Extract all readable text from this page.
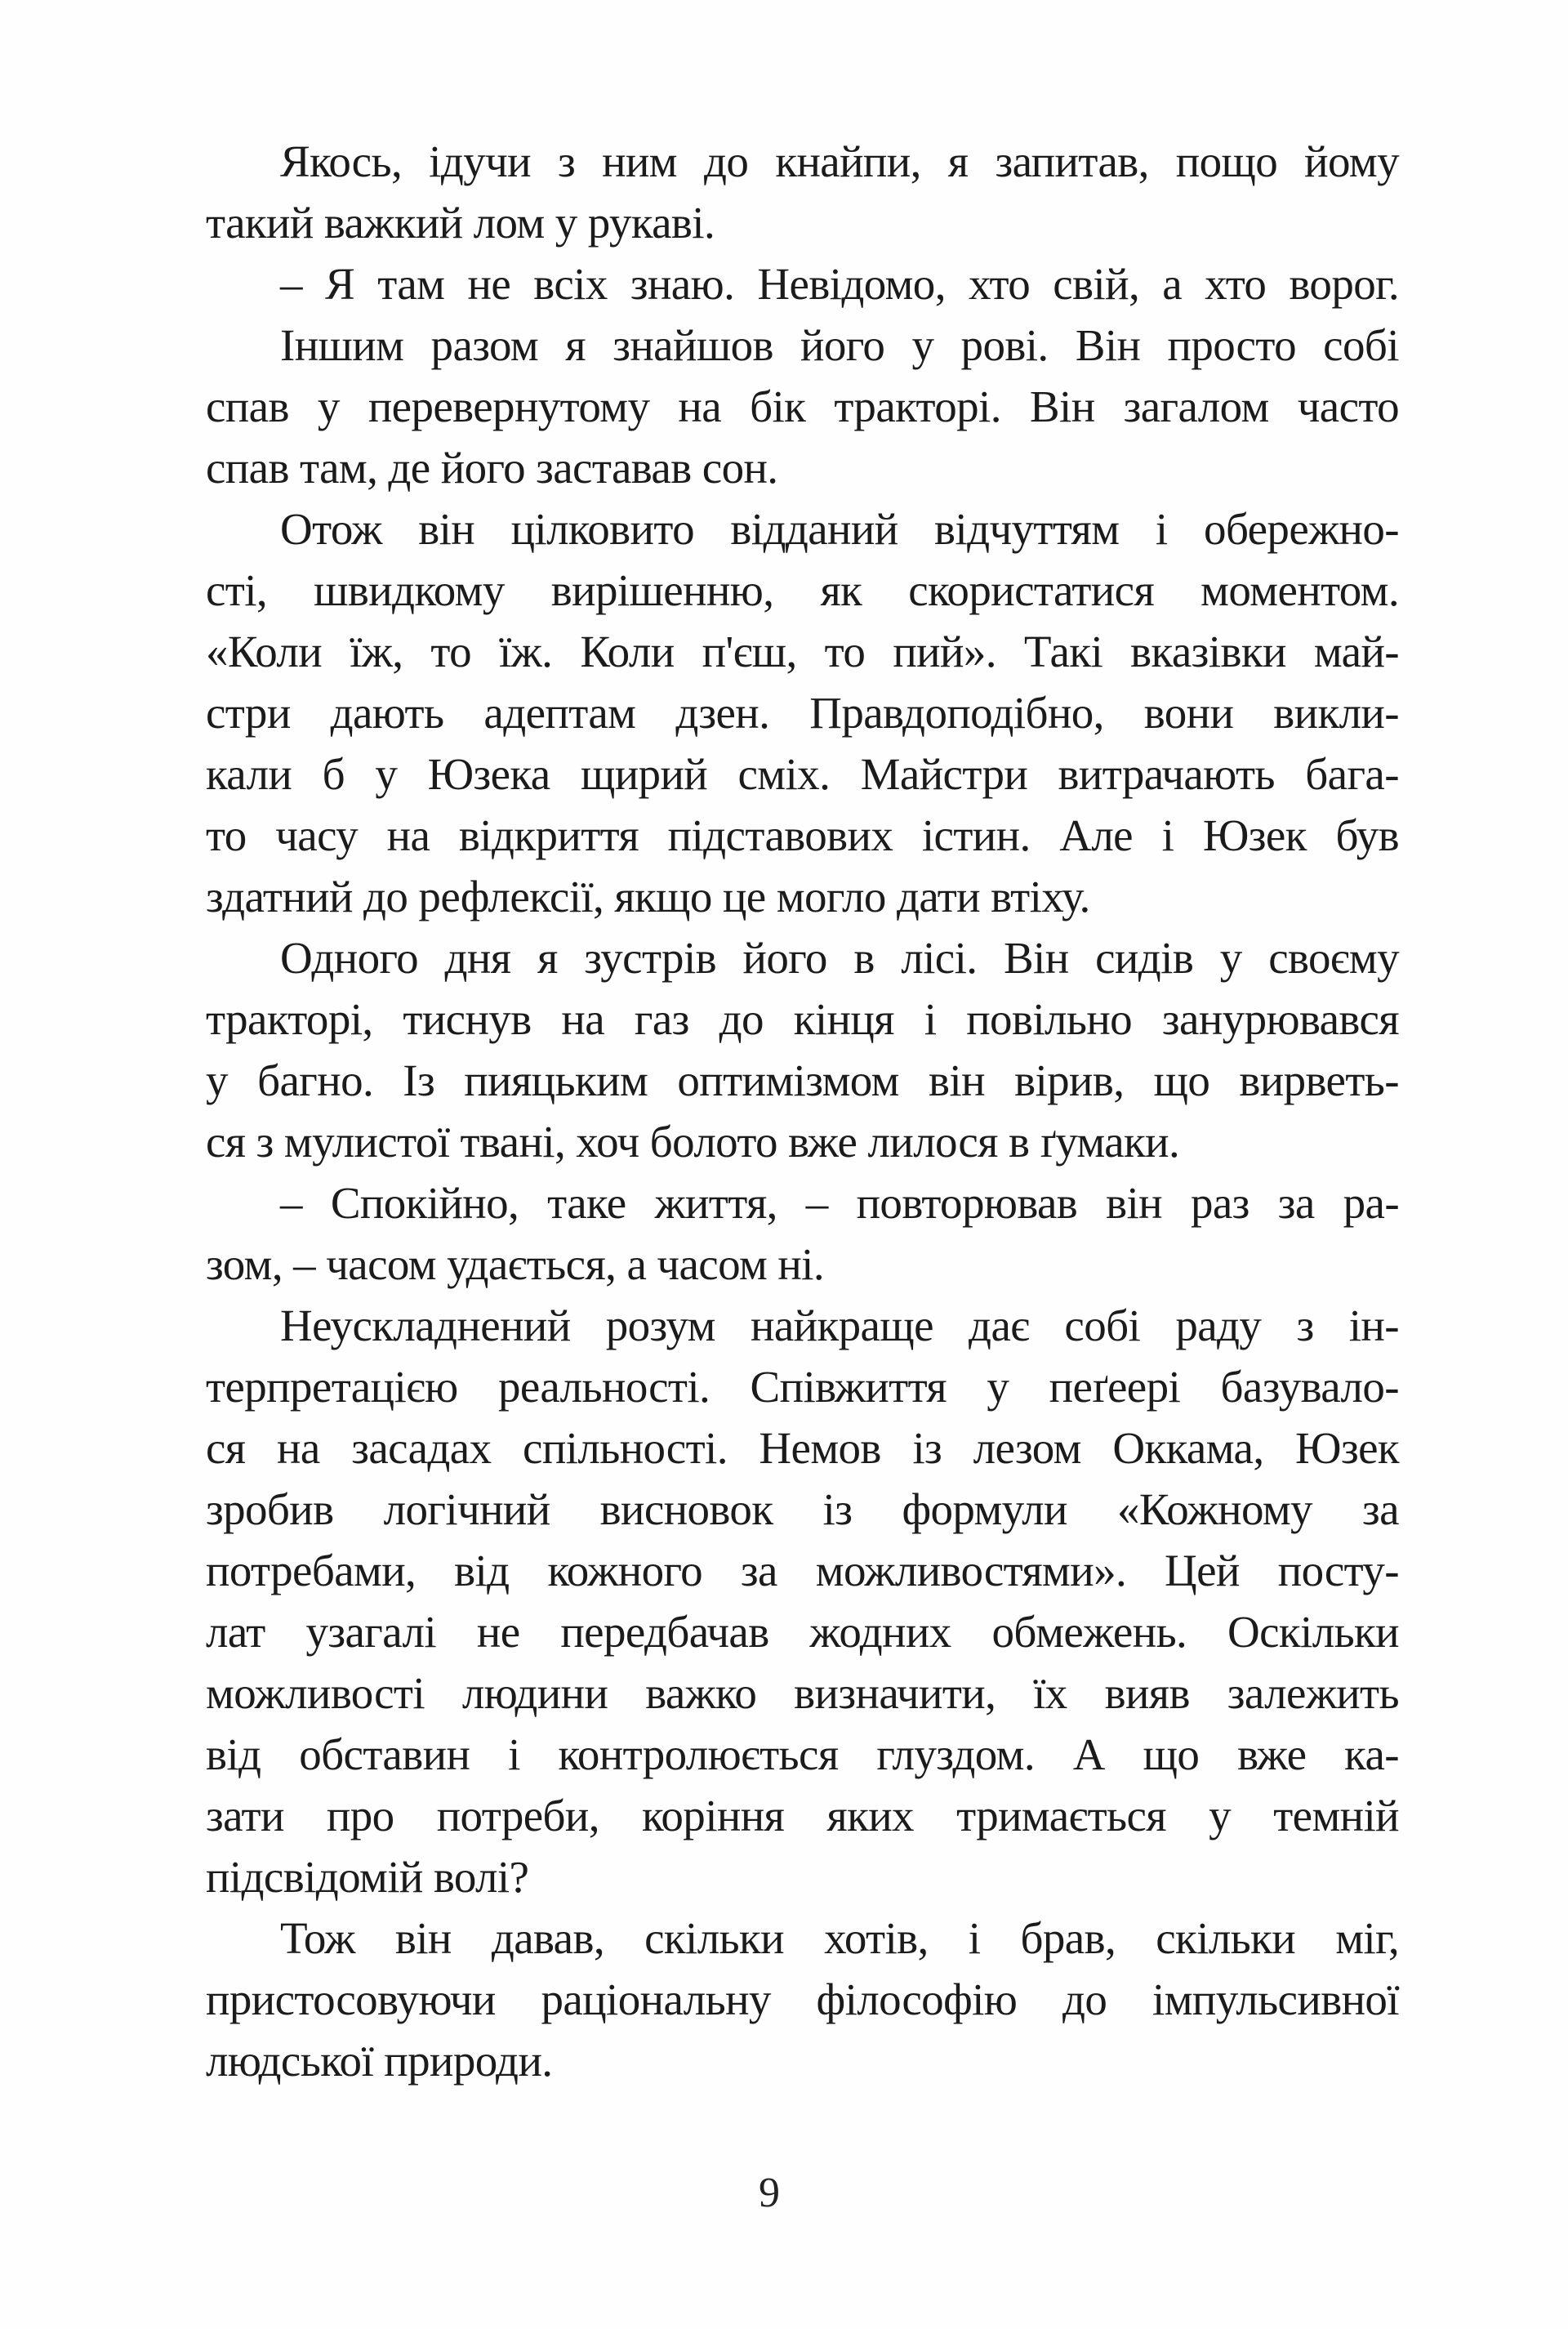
Якось, ідучи з ним до кнайпи, я запитав, пощо йому
такий важкий лом у рукаві.
– Я там не всіх знаю. Невідомо, хто свій, а хто ворог.
Іншим разом я знайшов його у рові. Він просто собі
спав у перевернутому на бік тракторі. Він загалом часто
спав там, де його заставав сон.
Отож він цілковито відданий відчуттям і обережно-
сті, швидкому вирішенню, як скористатися моментом.
«Коли їж, то їж. Коли п'єш, то пий». Такі вказівки май-
стри дають адептам дзен. Правдоподібно, вони викли-
кали б у Юзека щирий сміх. Майстри витрачають бага-
то часу на відкриття підставових істин. Але і Юзек був
здатний до рефлексії, якщо це могло дати втіху.
Одного дня я зустрів його в лісі. Він сидів у своєму
тракторі, тиснув на газ до кінця і повільно занурювався
у багно. Із пияцьким оптимізмом він вірив, що вирветь-
ся з мулистої твані, хоч болото вже лилося в ґумаки.
– Спокійно, таке життя, – повторював він раз за ра-
зом, – часом удається, а часом ні.
Неускладнений розум найкраще дає собі раду з ін-
терпретацією реальності. Співжиття у пеґеері базувало-
ся на засадах спільності. Немов із лезом Оккама, Юзек
зробив логічний висновок із формули «Кожному за
потребами, від кожного за можливостями». Цей посту-
лат узагалі не передбачав жодних обмежень. Оскільки
можливості людини важко визначити, їх вияв залежить
від обставин і контролюється глуздом. А що вже ка-
зати про потреби, коріння яких тримається у темній
підсвідомій волі?
Тож він давав, скільки хотів, і брав, скільки міг,
пристосовуючи раціональну філософію до імпульсивної
людської природи.
9
